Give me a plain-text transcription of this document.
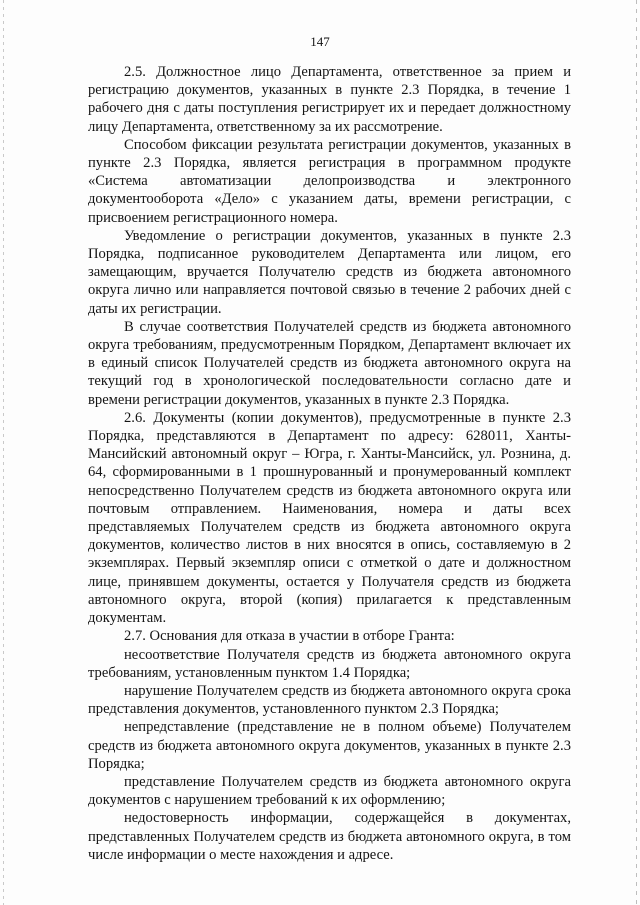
147

2.5. Должностное лицо Департамента, ответственное за прием и регистрацию документов, указанных в пункте 2.3 Порядка, в течение 1 рабочего дня с даты поступления регистрирует их и передает должностному лицу Департамента, ответственному за их рассмотрение.

Способом фиксации результата регистрации документов, указанных в пункте 2.3 Порядка, является регистрация в программном продукте «Система автоматизации делопроизводства и электронного документооборота «Дело» с указанием даты, времени регистрации, с присвоением регистрационного номера.

Уведомление о регистрации документов, указанных в пункте 2.3 Порядка, подписанное руководителем Департамента или лицом, его замещающим, вручается Получателю средств из бюджета автономного округа лично или направляется почтовой связью в течение 2 рабочих дней с даты их регистрации.

В случае соответствия Получателей средств из бюджета автономного округа требованиям, предусмотренным Порядком, Департамент включает их в единый список Получателей средств из бюджета автономного округа на текущий год в хронологической последовательности согласно дате и времени регистрации документов, указанных в пункте 2.3 Порядка.

2.6. Документы (копии документов), предусмотренные в пункте 2.3 Порядка, представляются в Департамент по адресу: 628011, Ханты-Мансийский автономный округ – Югра, г. Ханты-Мансийск, ул. Рознина, д. 64, сформированными в 1 прошнурованный и пронумерованный комплект непосредственно Получателем средств из бюджета автономного округа или почтовым отправлением. Наименования, номера и даты всех представляемых Получателем средств из бюджета автономного округа документов, количество листов в них вносятся в опись, составляемую в 2 экземплярах. Первый экземпляр описи с отметкой о дате и должностном лице, принявшем документы, остается у Получателя средств из бюджета автономного округа, второй (копия) прилагается к представленным документам.

2.7. Основания для отказа в участии в отборе Гранта:

несоответствие Получателя средств из бюджета автономного округа требованиям, установленным пунктом 1.4 Порядка;

нарушение Получателем средств из бюджета автономного округа срока представления документов, установленного пунктом 2.3 Порядка;

непредставление (представление не в полном объеме) Получателем средств из бюджета автономного округа документов, указанных в пункте 2.3 Порядка;

представление Получателем средств из бюджета автономного округа документов с нарушением требований к их оформлению;

недостоверность информации, содержащейся в документах, представленных Получателем средств из бюджета автономного округа, в том числе информации о месте нахождения и адресе.
